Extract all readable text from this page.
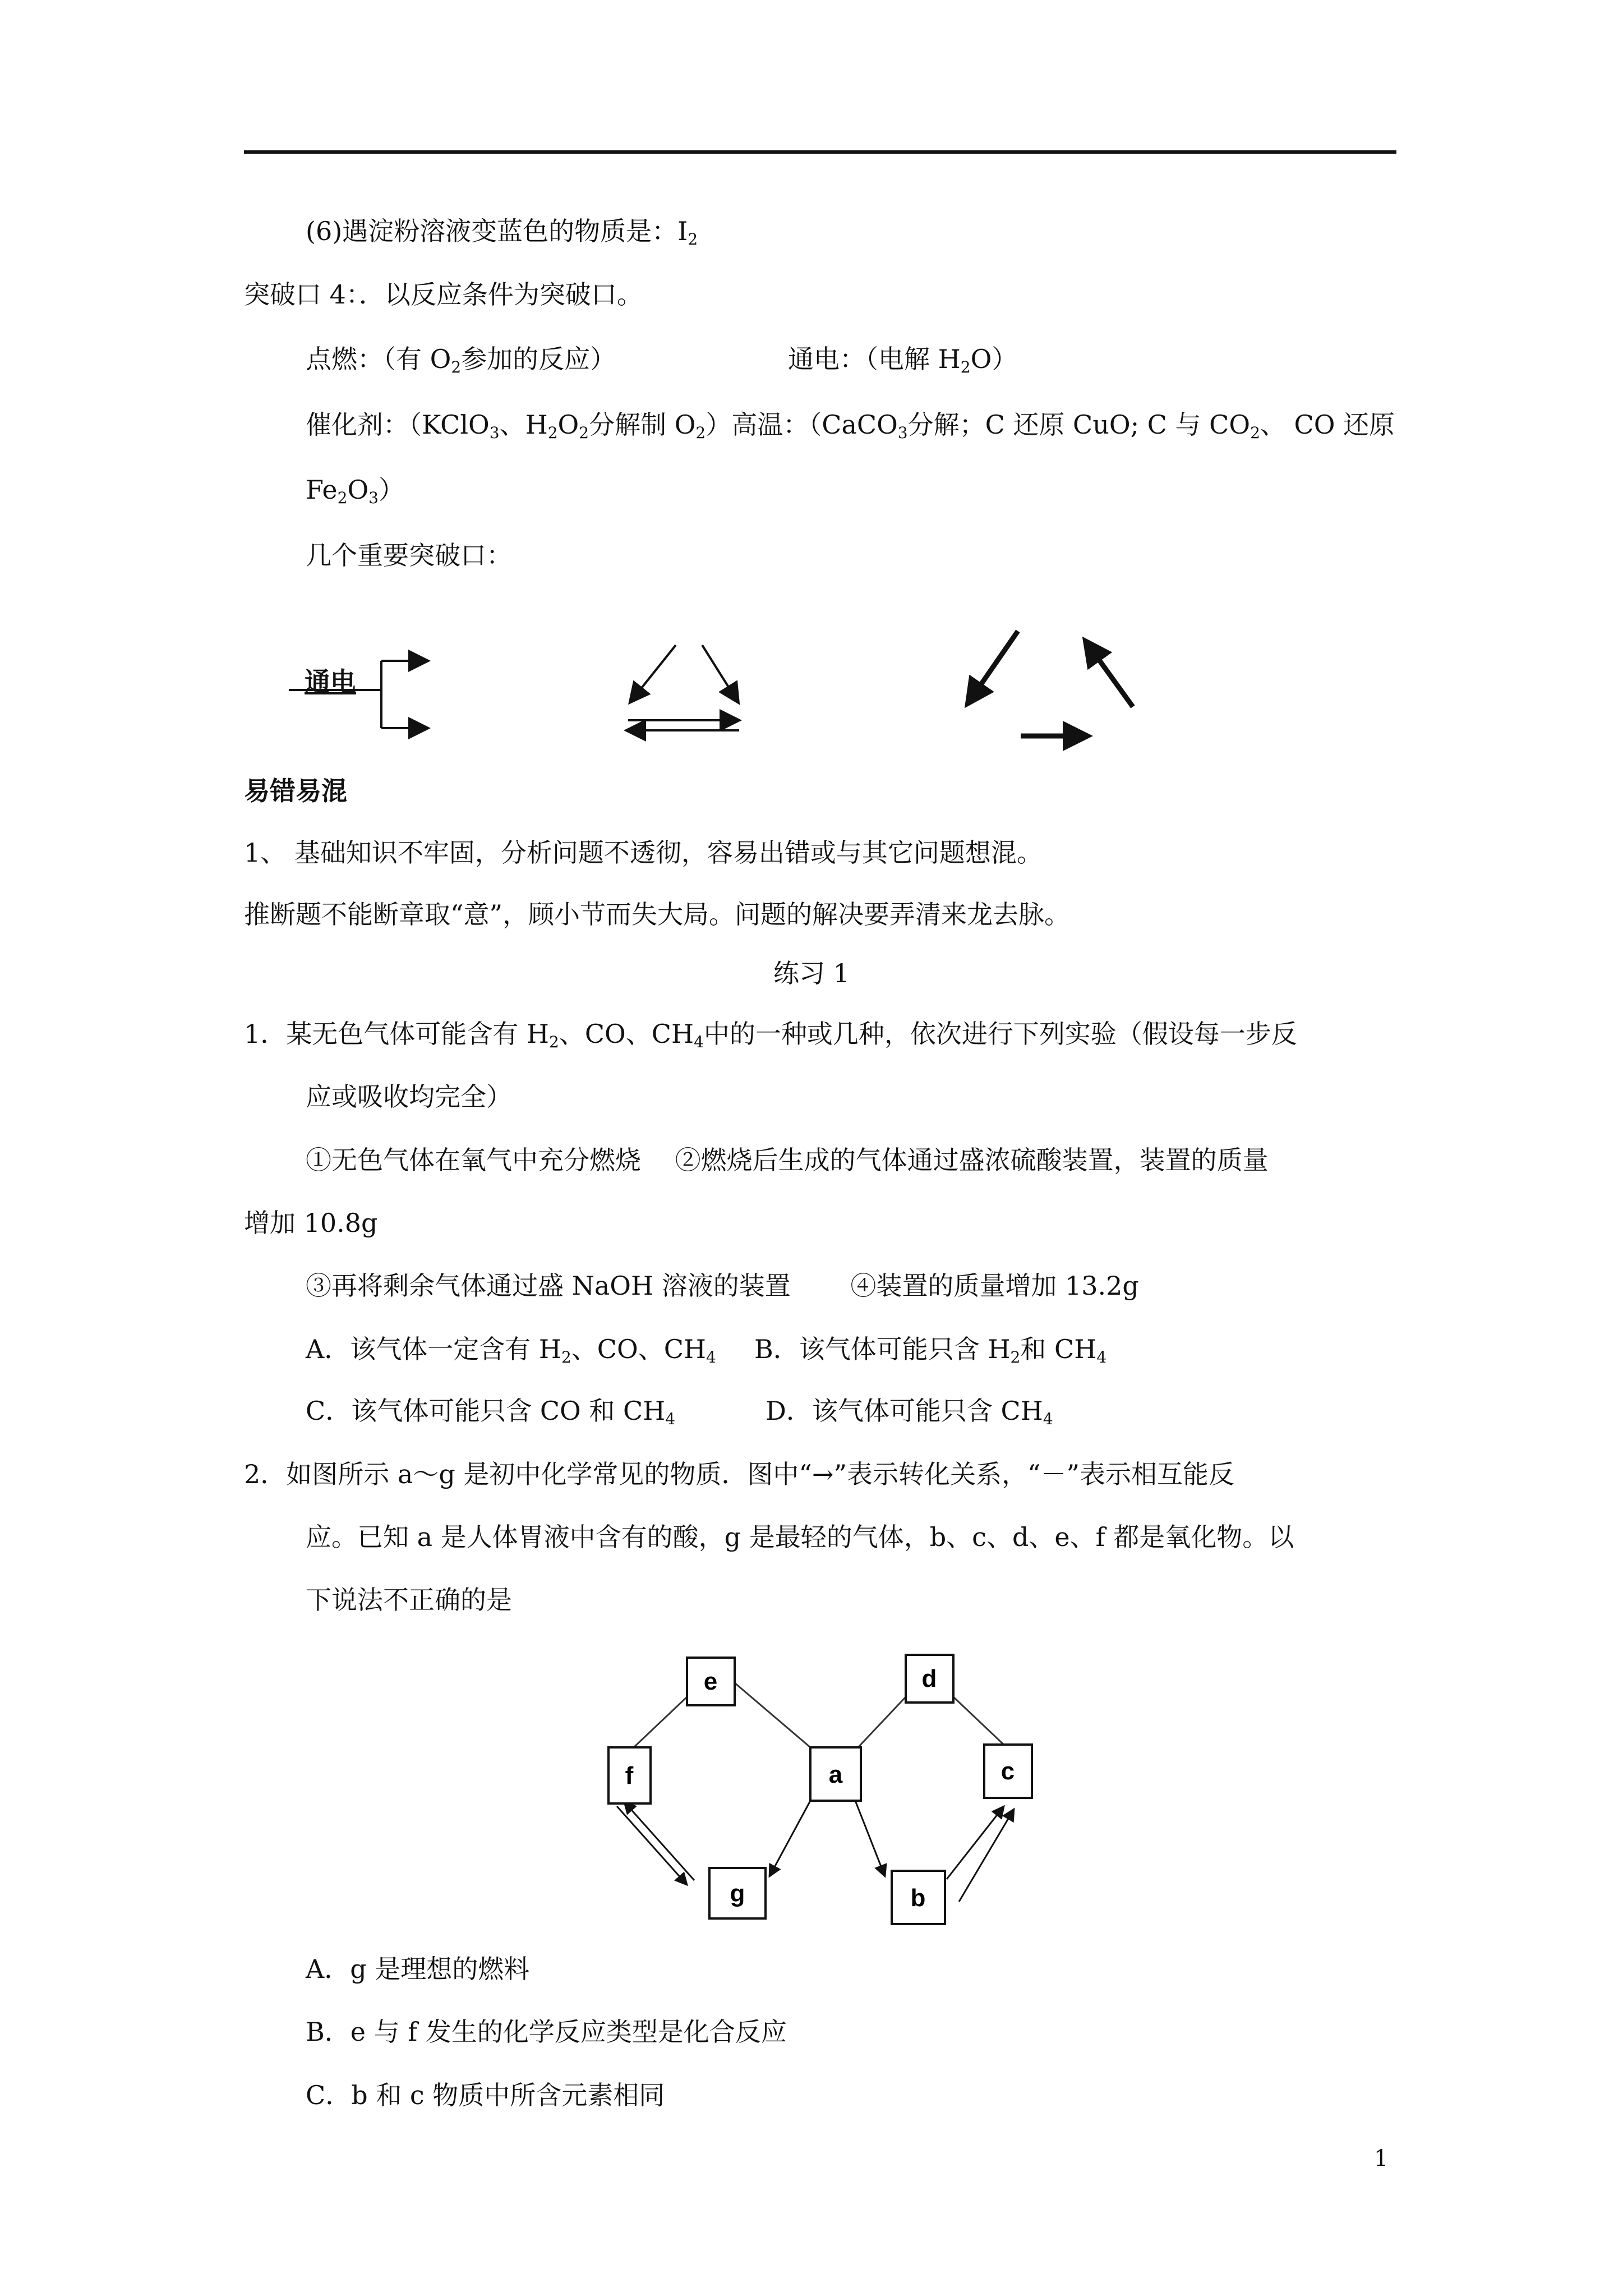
(6)遇淀粉溶液变蓝色的物质是：$I_2$
突破口 4：．以反应条件为突破口。
点燃：（有 $O_2$参加的反应）	通电：（电解 $H_2O$）
催化剂：（KClO$_3$、$H_2O_2$分解制 $O_2$）高温：（CaCO$_3$分解；C 还原 CuO; C 与 $CO_2$、 CO 还原
$Fe_2O_3$）
几个重要突破口：
通电
易错易混
1、 基础知识不牢固，分析问题不透彻，容易出错或与其它问题想混。
推断题不能断章取“意”，顾小节而失大局。问题的解决要弄清来龙去脉。
练习 1
1．某无色气体可能含有 $H_2$、CO、$CH_4$中的一种或几种，依次进行下列实验（假设每一步反
应或吸收均完全）
①无色气体在氧气中充分燃烧　 ②燃烧后生成的气体通过盛浓硫酸装置，装置的质量
增加 10.8g
③再将剩余气体通过盛 NaOH 溶液的装置　　 ④装置的质量增加 13.2g
A．该气体一定含有 $H_2$、CO、$CH_4$ B．该气体可能只含 $H_2$和 $CH_4$
C．该气体可能只含 CO 和 $CH_4$	D．该气体可能只含 $CH_4$
2．如图所示 a～g 是初中化学常见的物质．图中“→”表示转化关系，“－”表示相互能反
应。已知 a 是人体胃液中含有的酸，g 是最轻的气体，b、c、d、e、f 都是氧化物。以
下说法不正确的是
e	d
f	a	c
g	b
A．g 是理想的燃料
B．e 与 f 发生的化学反应类型是化合反应
C．b 和 c 物质中所含元素相同
1
